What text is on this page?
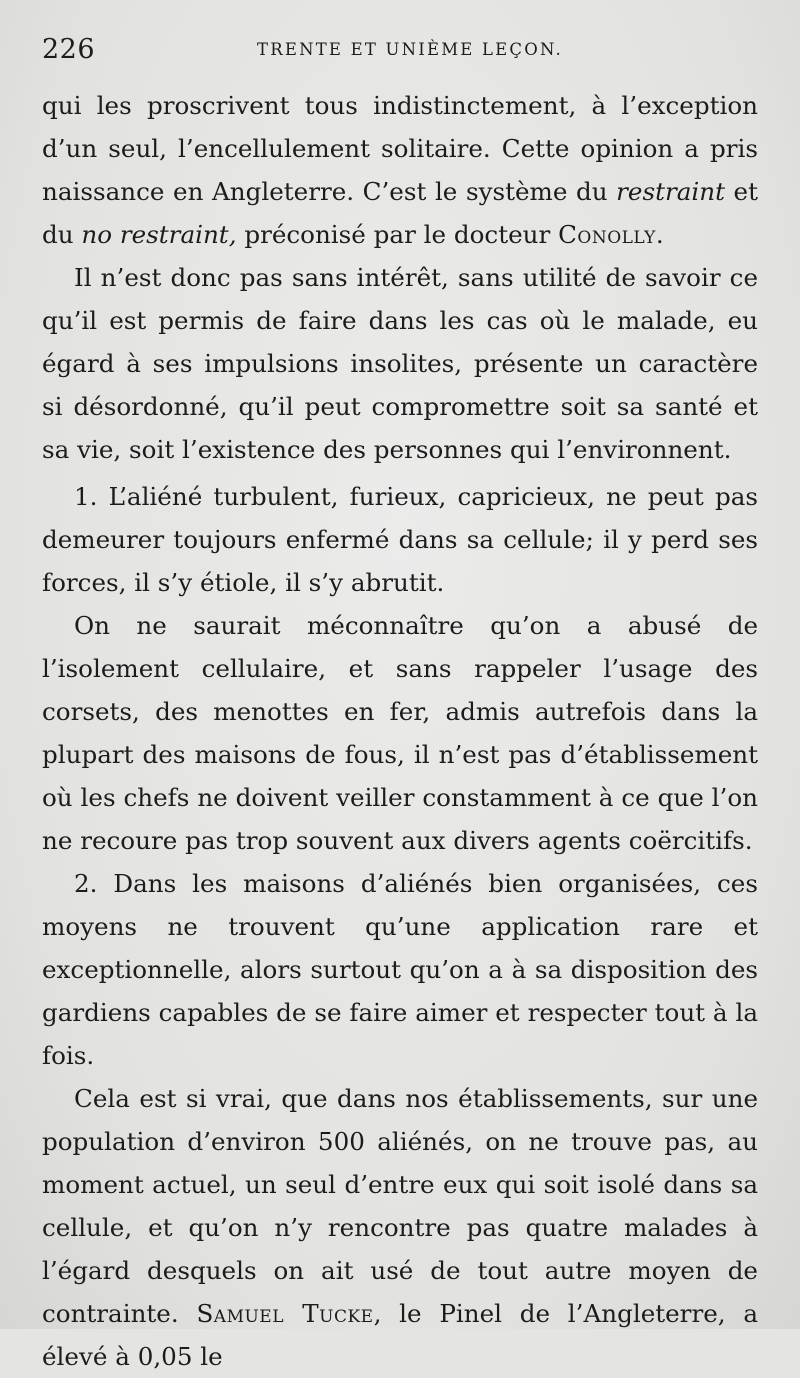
226	TRENTE ET UNIÈME LEÇON.

qui les proscrivent tous indistinctement, à l’exception d’un seul, l’encellulement solitaire. Cette opinion a pris naissance en Angleterre. C’est le système du restraint et du no restraint, préconisé par le docteur Conolly.

Il n’est donc pas sans intérêt, sans utilité de savoir ce qu’il est permis de faire dans les cas où le malade, eu égard à ses impulsions insolites, présente un caractère si désordonné, qu’il peut compromettre soit sa santé et sa vie, soit l’existence des personnes qui l’environnent.

1. L’aliéné turbulent, furieux, capricieux, ne peut pas demeurer toujours enfermé dans sa cellule; il y perd ses forces, il s’y étiole, il s’y abrutit.

On ne saurait méconnaître qu’on a abusé de l’isolement cellulaire, et sans rappeler l’usage des corsets, des menottes en fer, admis autrefois dans la plupart des maisons de fous, il n’est pas d’établissement où les chefs ne doivent veiller constamment à ce que l’on ne recoure pas trop souvent aux divers agents coërcitifs.

2. Dans les maisons d’aliénés bien organisées, ces moyens ne trouvent qu’une application rare et exceptionnelle, alors surtout qu’on a à sa disposition des gardiens capables de se faire aimer et respecter tout à la fois.

Cela est si vrai, que dans nos établissements, sur une population d’environ 500 aliénés, on ne trouve pas, au moment actuel, un seul d’entre eux qui soit isolé dans sa cellule, et qu’on n’y rencontre pas quatre malades à l’égard desquels on ait usé de tout autre moyen de contrainte. Samuel Tucke, le Pinel de l’Angleterre, a élevé à 0,05 le
